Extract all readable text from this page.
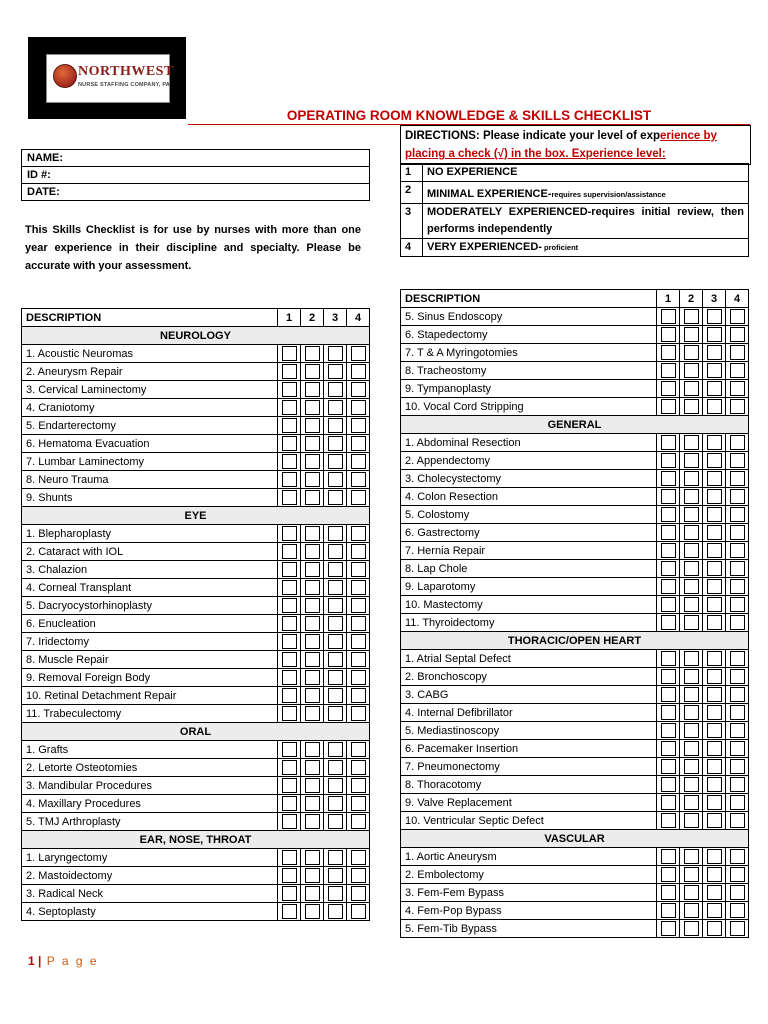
NORTHWEST
NURSE STAFFING COMPANY, PA
OPERATING ROOM KNOWLEDGE & SKILLS CHECKLIST
DIRECTIONS: Please indicate your level of experience by
placing a check (√) in the box. Experience level:
1	NO EXPERIENCE
2	MINIMAL EXPERIENCE-requires supervision/assistance
3	MODERATELY EXPERIENCED-requires initial review, then performs independently
4	VERY EXPERIENCED- proficient
NAME:
ID #:
DATE:
This Skills Checklist is for use by nurses with more than one year experience in their discipline and specialty. Please be accurate with your assessment.
DESCRIPTION	1	2	3	4
NEUROLOGY				
1. Acoustic Neuromas	

2. Aneurysm Repair	

3. Cervical Laminectomy	

4. Craniotomy	

5. Endarterectomy	

6. Hematoma Evacuation	

7. Lumbar Laminectomy	

8. Neuro Trauma	

9. Shunts	

EYE				
1. Blepharoplasty	

2. Cataract with IOL	

3. Chalazion	

4. Corneal Transplant	

5. Dacryocystorhinoplasty	

6. Enucleation	

7. Iridectomy	

8. Muscle Repair	

9. Removal Foreign Body	

10. Retinal Detachment Repair	

11. Trabeculectomy	

ORAL				
1. Grafts	

2. Letorte Osteotomies	

3. Mandibular Procedures	

4. Maxillary Procedures	

5. TMJ Arthroplasty	

EAR, NOSE, THROAT				
1. Laryngectomy	

2. Mastoidectomy	

3. Radical Neck	

4. Septoplasty	

DESCRIPTION	1	2	3	4
5. Sinus Endoscopy	

6. Stapedectomy	

7. T & A Myringotomies	

8. Tracheostomy	

9. Tympanoplasty	

10. Vocal Cord Stripping	

GENERAL				
1. Abdominal Resection	

2. Appendectomy	

3. Cholecystectomy	

4. Colon Resection	

5. Colostomy	

6. Gastrectomy	

7. Hernia Repair	

8. Lap Chole	

9. Laparotomy	

10. Mastectomy	

11. Thyroidectomy	

THORACIC/OPEN HEART				
1. Atrial Septal Defect	

2. Bronchoscopy	

3. CABG	

4. Internal Defibrillator	

5. Mediastinoscopy	

6. Pacemaker Insertion	

7. Pneumonectomy	

8. Thoracotomy	

9. Valve Replacement	

10. Ventricular Septic Defect	

VASCULAR				
1. Aortic Aneurysm	

2. Embolectomy	

3. Fem-Fem Bypass	

4. Fem-Pop Bypass	

5. Fem-Tib Bypass	

1 | P a g e
